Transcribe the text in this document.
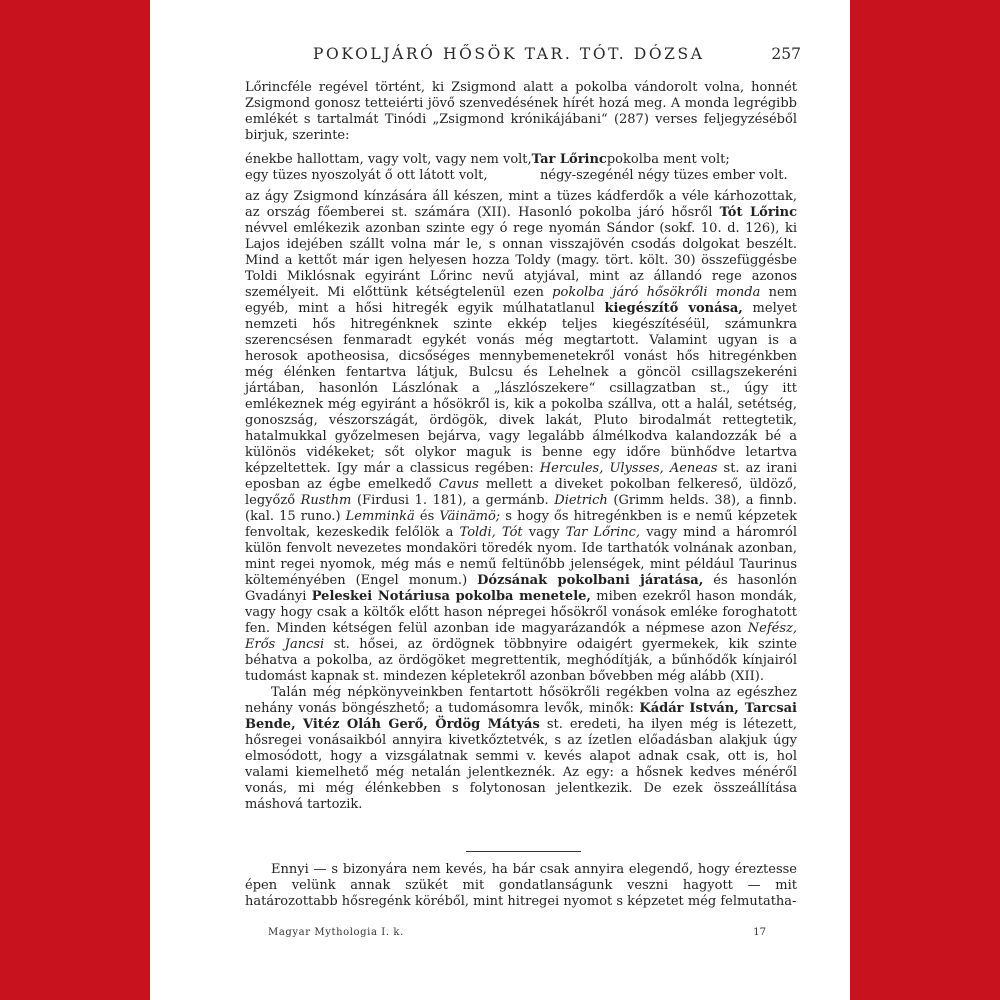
POKOLJÁRÓ HŐSÖK TAR. TÓT. DÓZSA	257

Lőrincféle regével történt, ki Zsigmond alatt a pokolba vándorolt volna, honnét Zsigmond gonosz tetteiérti jövő szenvedésének hírét hozá meg. A monda legrégibb emlékét s tartalmát Tinódi „Zsigmond krónikájábani“ (287) verses feljegyzéséből birjuk, szerinte:

énekbe hallottam, vagy volt, vagy nem volt, Tar Lőrinc pokolba ment volt;
egy tüzes nyoszolyát ő ott látott volt,	négy-szegénél négy tüzes ember volt.

az ágy Zsigmond kínzására áll készen, mint a tüzes kádferdők a véle kárhozottak, az ország főemberei st. számára (XII). Hasonló pokolba járó hősről Tót Lőrinc névvel emlékezik azonban szinte egy ó rege nyomán Sándor (sokf. 10. d. 126), ki Lajos idejében szállt volna már le, s onnan visszajövén csodás dolgokat beszélt. Mind a kettőt már igen helyesen hozza Toldy (magy. tört. költ. 30) összefüggésbe Toldi Miklósnak egyiránt Lőrinc nevű atyjával, mint az állandó rege azonos személyeit. Mi előttünk kétségtelenül ezen pokolba járó hősökrőli monda nem egyéb, mint a hősi hitregék egyik múlhatatlanul kiegészítő vonása, melyet nemzeti hős hitregénknek szinte ekkép teljes kiegészítéséül, számunkra szerencsésen fenmaradt egykét vonás még megtartott. Valamint ugyan is a herosok apotheosisa, dicsőséges mennybemenetekről vonást hős hitregénkben még élénken fentartva látjuk, Bulcsu és Lehelnek a göncöl csillagszekeréni jártában, hasonlón Lászlónak a „lászlószekere“ csillagzatban st., úgy itt emlékeznek még egyiránt a hősökről is, kik a pokolba szállva, ott a halál, setétség, gonoszság, vészországát, ördögök, divek lakát, Pluto birodalmát rettegtetik, hatalmukkal győzelmesen bejárva, vagy legalább álmélkodva kalandozzák bé a különös vidékeket; sőt olykor maguk is benne egy időre bünhődve letartva képzeltettek. Igy már a classicus regében: Hercules, Ulysses, Aeneas st. az irani eposban az égbe emelkedő Cavus mellett a diveket pokolban felkereső, üldöző, legyőző Rusthm (Firdusi 1. 181), a germánb. Dietrich (Grimm helds. 38), a finnb. (kal. 15 runo.) Lemminkä és Väinämö; s hogy ős hitregénkben is e nemű képzetek fenvoltak, kezeskedik felőlök a Toldi, Tót vagy Tar Lőrinc, vagy mind a háromról külön fenvolt nevezetes mondaköri töredék nyom. Ide tarthatók volnának azonban, mint regei nyomok, még más e nemű feltünőbb jelenségek, mint például Taurinus költeményében (Engel monum.) Dózsának pokolbani járatása, és hasonlón Gvadányi Peleskei Notáriusa pokolba menetele, miben ezekről hason mondák, vagy hogy csak a költők előtt hason népregei hősökről vonások emléke foroghatott fen. Minden kétségen felül azonban ide magyarázandók a népmese azon Nefész, Erős Jancsi st. hősei, az ördögnek többnyire odaigért gyermekek, kik szinte béhatva a pokolba, az ördögöket megrettentik, meghódítják, a bűnhődők kínjairól tudomást kapnak st. mindezen képletekről azonban bővebben még alább (XII).

Talán még népkönyveinkben fentartott hősökrőli regékben volna az egészhez nehány vonás böngészhető; a tudomásomra levők, minők: Kádár István, Tarcsai Bende, Vitéz Oláh Gerő, Ördög Mátyás st. eredeti, ha ilyen még is létezett, hősregei vonásaikból annyira kivetkőztetvék, s az ízetlen előadásban alakjuk úgy elmosódott, hogy a vizsgálatnak semmi v. kevés alapot adnak csak, ott is, hol valami kiemelhető még netalán jelentkeznék. Az egy: a hősnek kedves ménéről vonás, mi még élénkebben s folytonosan jelentkezik. De ezek összeállítása máshová tartozik.

Ennyi — s bizonyára nem kevés, ha bár csak annyira elegendő, hogy éreztesse épen velünk annak szükét mit gondatlanságunk veszni hagyott — mit határozottabb hősregénk köréből, mint hitregei nyomot s képzetet még felmutatha-

Magyar Mythologia I. k.	17
